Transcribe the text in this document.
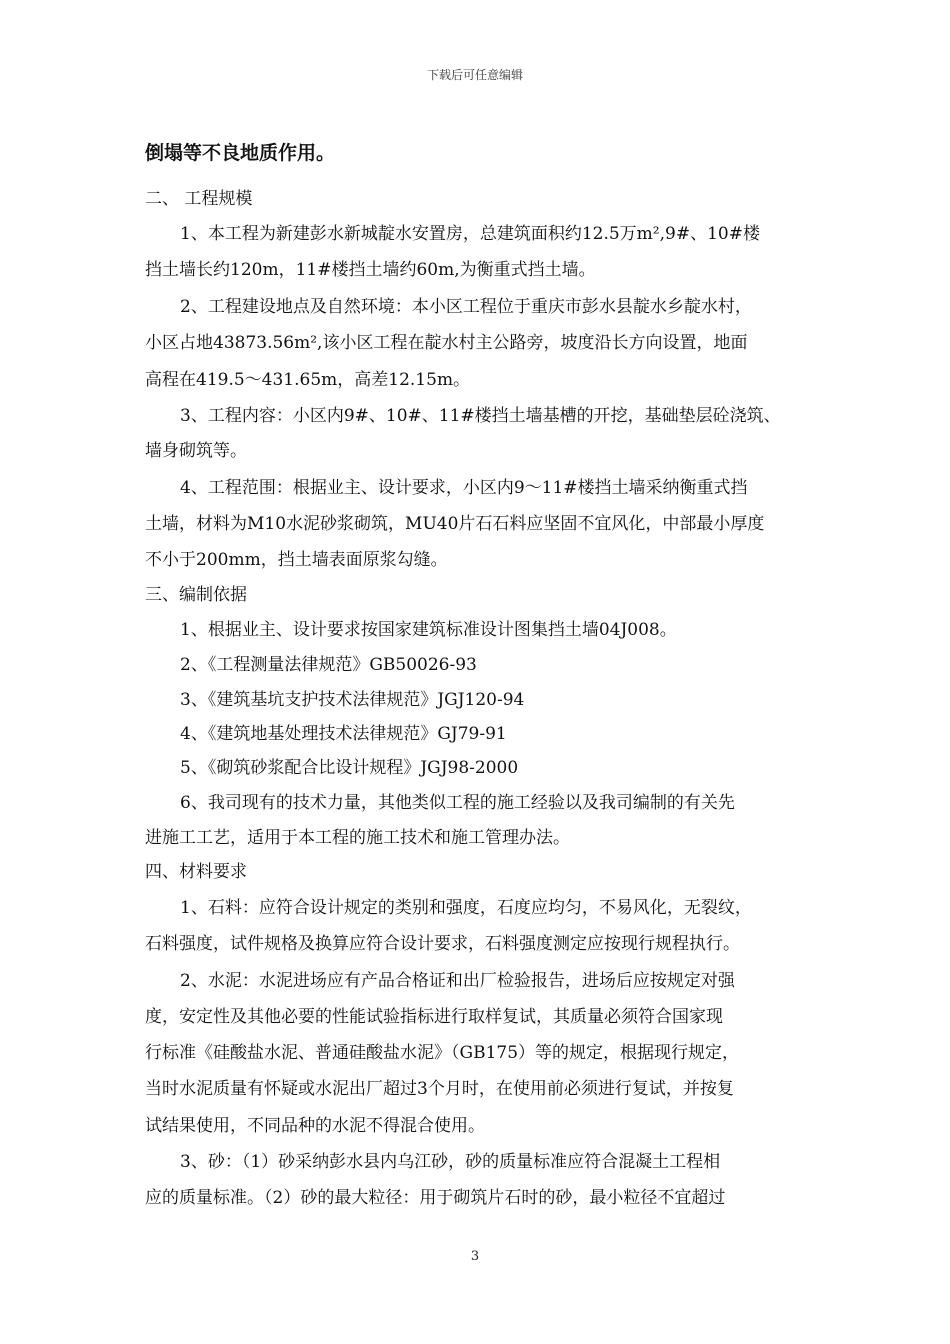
下载后可任意编辑
倒塌等不良地质作用。
二、 工程规模
1、本工程为新建彭水新城靛水安置房，总建筑面积约12.5万m²,9#、10#楼
挡土墙长约120m，11#楼挡土墙约60m,为衡重式挡土墙。
2、工程建设地点及自然环境：本小区工程位于重庆市彭水县靛水乡靛水村，
小区占地43873.56m²,该小区工程在靛水村主公路旁，坡度沿长方向设置，地面
高程在419.5～431.65m，高差12.15m。
3、工程内容：小区内9#、10#、11#楼挡土墙基槽的开挖，基础垫层砼浇筑、
墙身砌筑等。
4、工程范围：根据业主、设计要求，小区内9～11#楼挡土墙采纳衡重式挡
土墙，材料为M10水泥砂浆砌筑，MU40片石石料应坚固不宜风化，中部最小厚度
不小于200mm，挡土墙表面原浆勾缝。
三、编制依据
1、根据业主、设计要求按国家建筑标准设计图集挡土墙04J008。
2、《工程测量法律规范》GB50026-93
3、《建筑基坑支护技术法律规范》JGJ120-94
4、《建筑地基处理技术法律规范》GJ79-91
5、《砌筑砂浆配合比设计规程》JGJ98-2000
6、我司现有的技术力量，其他类似工程的施工经验以及我司编制的有关先
进施工工艺，适用于本工程的施工技术和施工管理办法。
四、材料要求
1、石料：应符合设计规定的类别和强度，石度应均匀，不易风化，无裂纹，
石料强度，试件规格及换算应符合设计要求，石料强度测定应按现行规程执行。
2、水泥：水泥进场应有产品合格证和出厂检验报告，进场后应按规定对强
度，安定性及其他必要的性能试验指标进行取样复试，其质量必须符合国家现
行标准《硅酸盐水泥、普通硅酸盐水泥》（GB175）等的规定，根据现行规定，
当时水泥质量有怀疑或水泥出厂超过3个月时，在使用前必须进行复试，并按复
试结果使用，不同品种的水泥不得混合使用。
3、砂：（1）砂采纳彭水县内乌江砂，砂的质量标准应符合混凝土工程相
应的质量标准。（2）砂的最大粒径：用于砌筑片石时的砂，最小粒径不宜超过
3
